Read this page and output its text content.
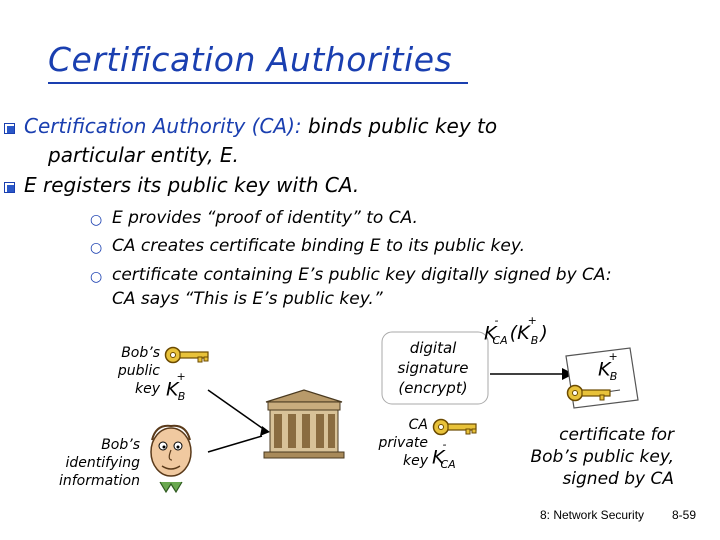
Certification Authorities
Certification Authority (CA): binds public key to
particular entity, E.
E registers its public key with CA.
○ E provides “proof of identity” to CA.
○ CA creates certificate binding E to its public key.
○ certificate containing E’s public key digitally signed by CA:
CA says “This is E’s public key.”
Bob’s
public
key $K^+_B$
Bob’s
identifying
information
digital
signature
(encrypt)
CA
private
key $K^-_{CA}$
$K^-_{CA}$ ($K^+_B$ )
$K^+_B$
certificate for
Bob’s public key,
signed by CA
8: Network Security 8-59
